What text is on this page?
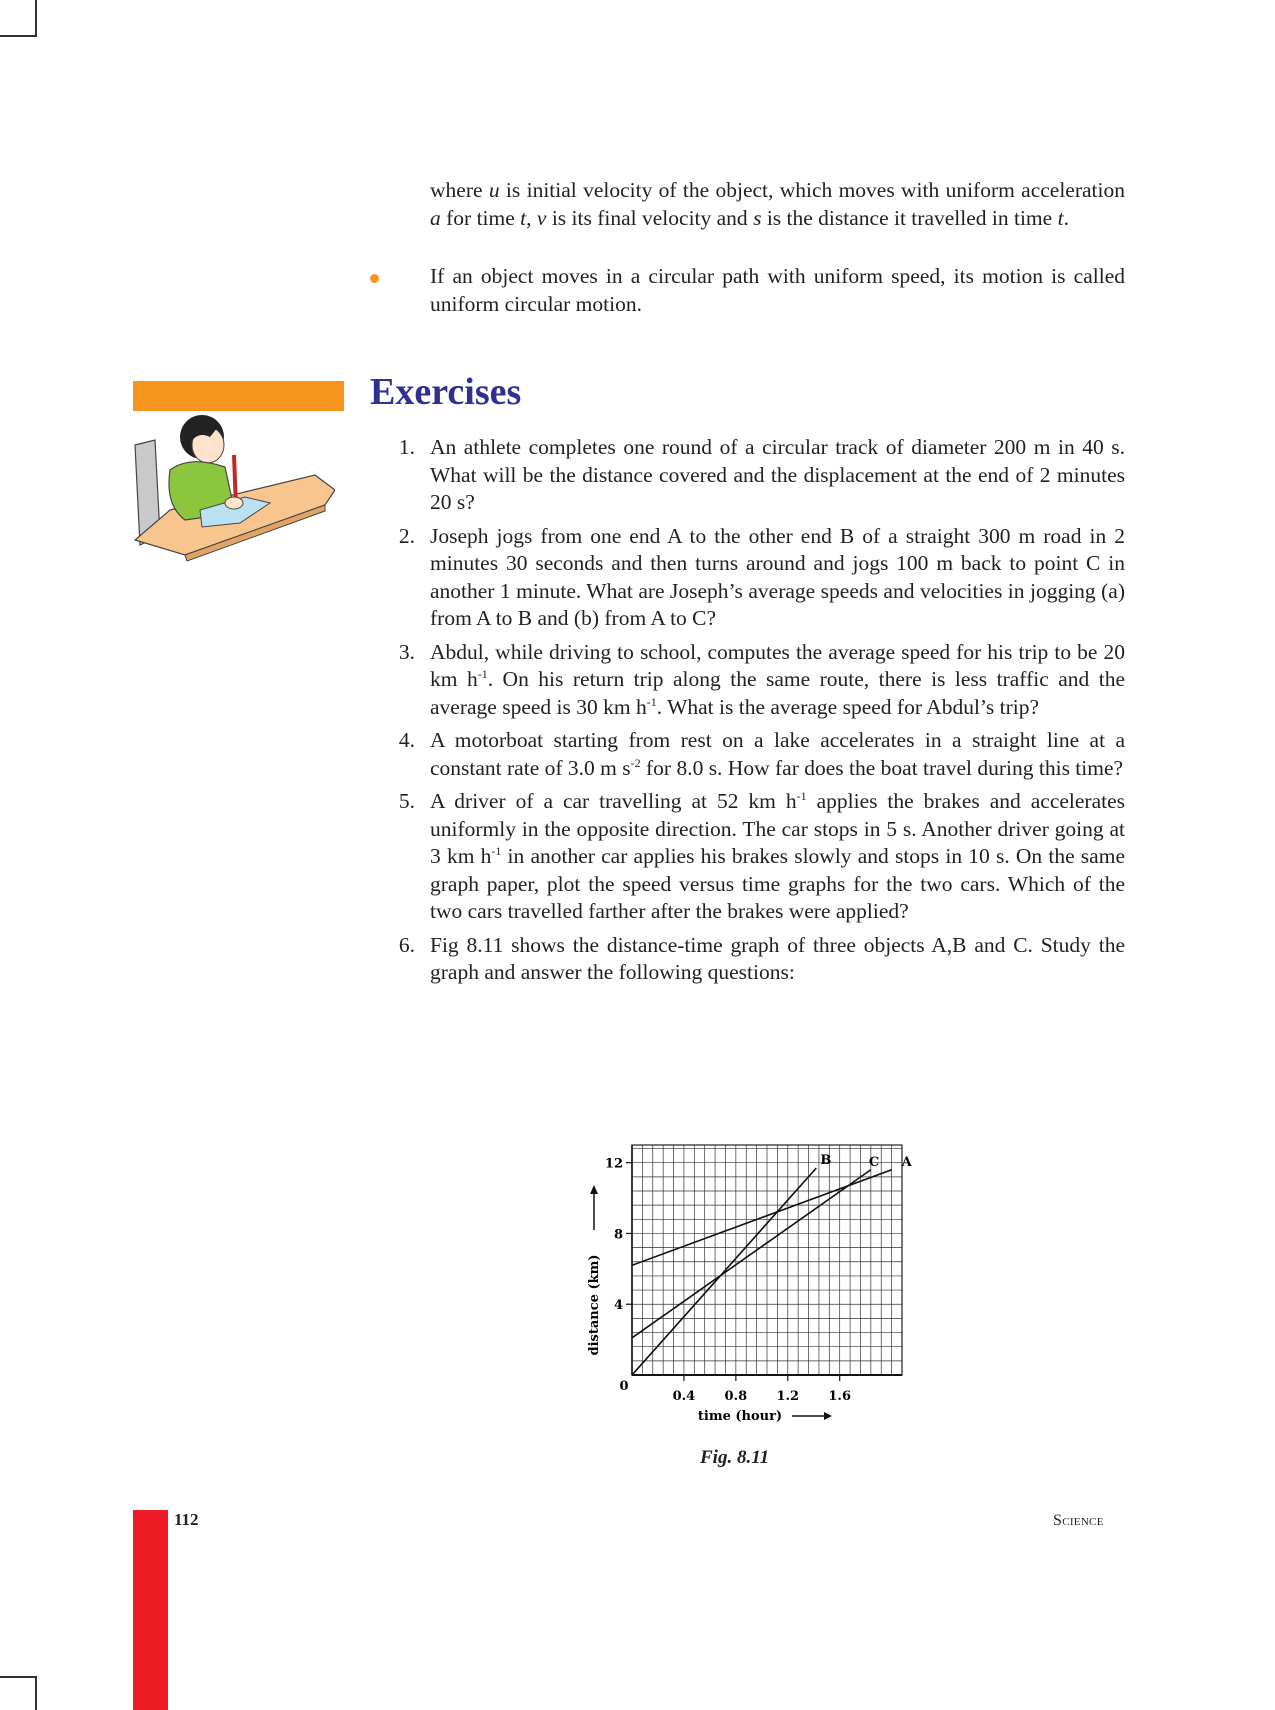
where u is initial velocity of the object, which moves with uniform acceleration a for time t, v is its final velocity and s is the distance it travelled in time t.

If an object moves in a circular path with uniform speed, its motion is called uniform circular motion.

Exercises
1. An athlete completes one round of a circular track of diameter 200 m in 40 s. What will be the distance covered and the displacement at the end of 2 minutes 20 s?
2. Joseph jogs from one end A to the other end B of a straight 300 m road in 2 minutes 30 seconds and then turns around and jogs 100 m back to point C in another 1 minute. What are Joseph’s average speeds and velocities in jogging (a) from A to B and (b) from A to C?
3. Abdul, while driving to school, computes the average speed for his trip to be 20 km $h^{-1}$. On his return trip along the same route, there is less traffic and the average speed is 30 km $h^{-1}$. What is the average speed for Abdul’s trip?
4. A motorboat starting from rest on a lake accelerates in a straight line at a constant rate of 3.0 m $s^{-2}$ for 8.0 s. How far does the boat travel during this time?
5. A driver of a car travelling at 52 km $h^{-1}$ applies the brakes and accelerates uniformly in the opposite direction. The car stops in 5 s. Another driver going at 3 km $h^{-1}$ in another car applies his brakes slowly and stops in 10 s. On the same graph paper, plot the speed versus time graphs for the two cars. Which of the two cars travelled farther after the brakes were applied?
6. Fig 8.11 shows the distance-time graph of three objects A,B and C. Study the graph and answer the following questions:
4
8
12
0
0.4 0.8 1.2 1.6
time (hour)
distance (km)
A
B	C
Fig. 8.11
112	Science
